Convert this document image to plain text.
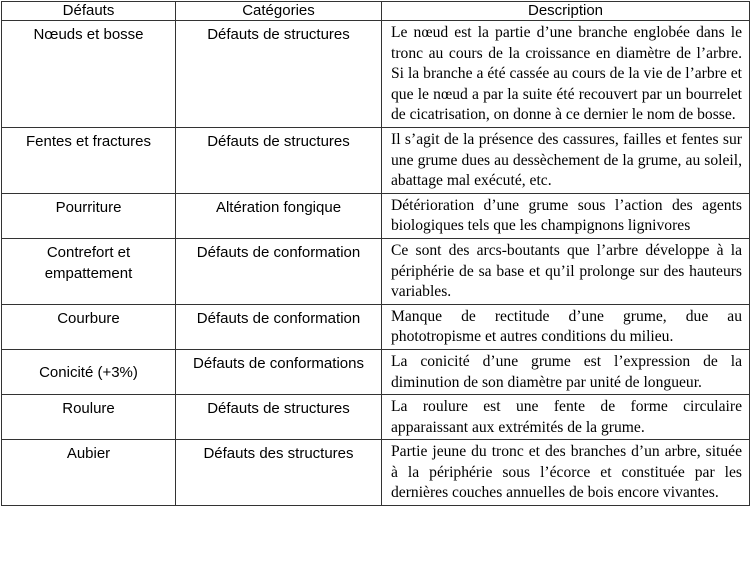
Défauts	Catégories	Description
Nœuds et bosse	Défauts de structures	Le nœud est la partie d’une branche englobée dans le tronc au cours de la croissance en diamètre de l’arbre. Si la branche a été cassée au cours de la vie de l’arbre et que le nœud a par la suite été recouvert par un bourrelet de cicatrisation, on donne à ce dernier le nom de bosse.
Fentes et fractures	Défauts de structures	Il s’agit de la présence des cassures, failles et fentes sur une grume dues au dessèchement de la grume, au soleil, abattage mal exécuté, etc.
Pourriture	Altération fongique	Détérioration d’une grume sous l’action des agents biologiques tels que les champignons lignivores
Contrefort et empattement	Défauts de conformation	Ce sont des arcs-boutants que l’arbre développe à la périphérie de sa base et qu’il prolonge sur des hauteurs variables.
Courbure	Défauts de conformation	Manque de rectitude d’une grume, due au phototropisme et autres conditions du milieu.
Conicité (+3%)	Défauts de conformations	La conicité d’une grume est l’expression de la diminution de son diamètre par unité de longueur.
Roulure	Défauts de structures	La roulure est une fente de forme circulaire apparaissant aux extrémités de la grume.
Aubier	Défauts des structures	Partie jeune du tronc et des branches d’un arbre, située à la périphérie sous l’écorce et constituée par les dernières couches annuelles de bois encore vivantes.
